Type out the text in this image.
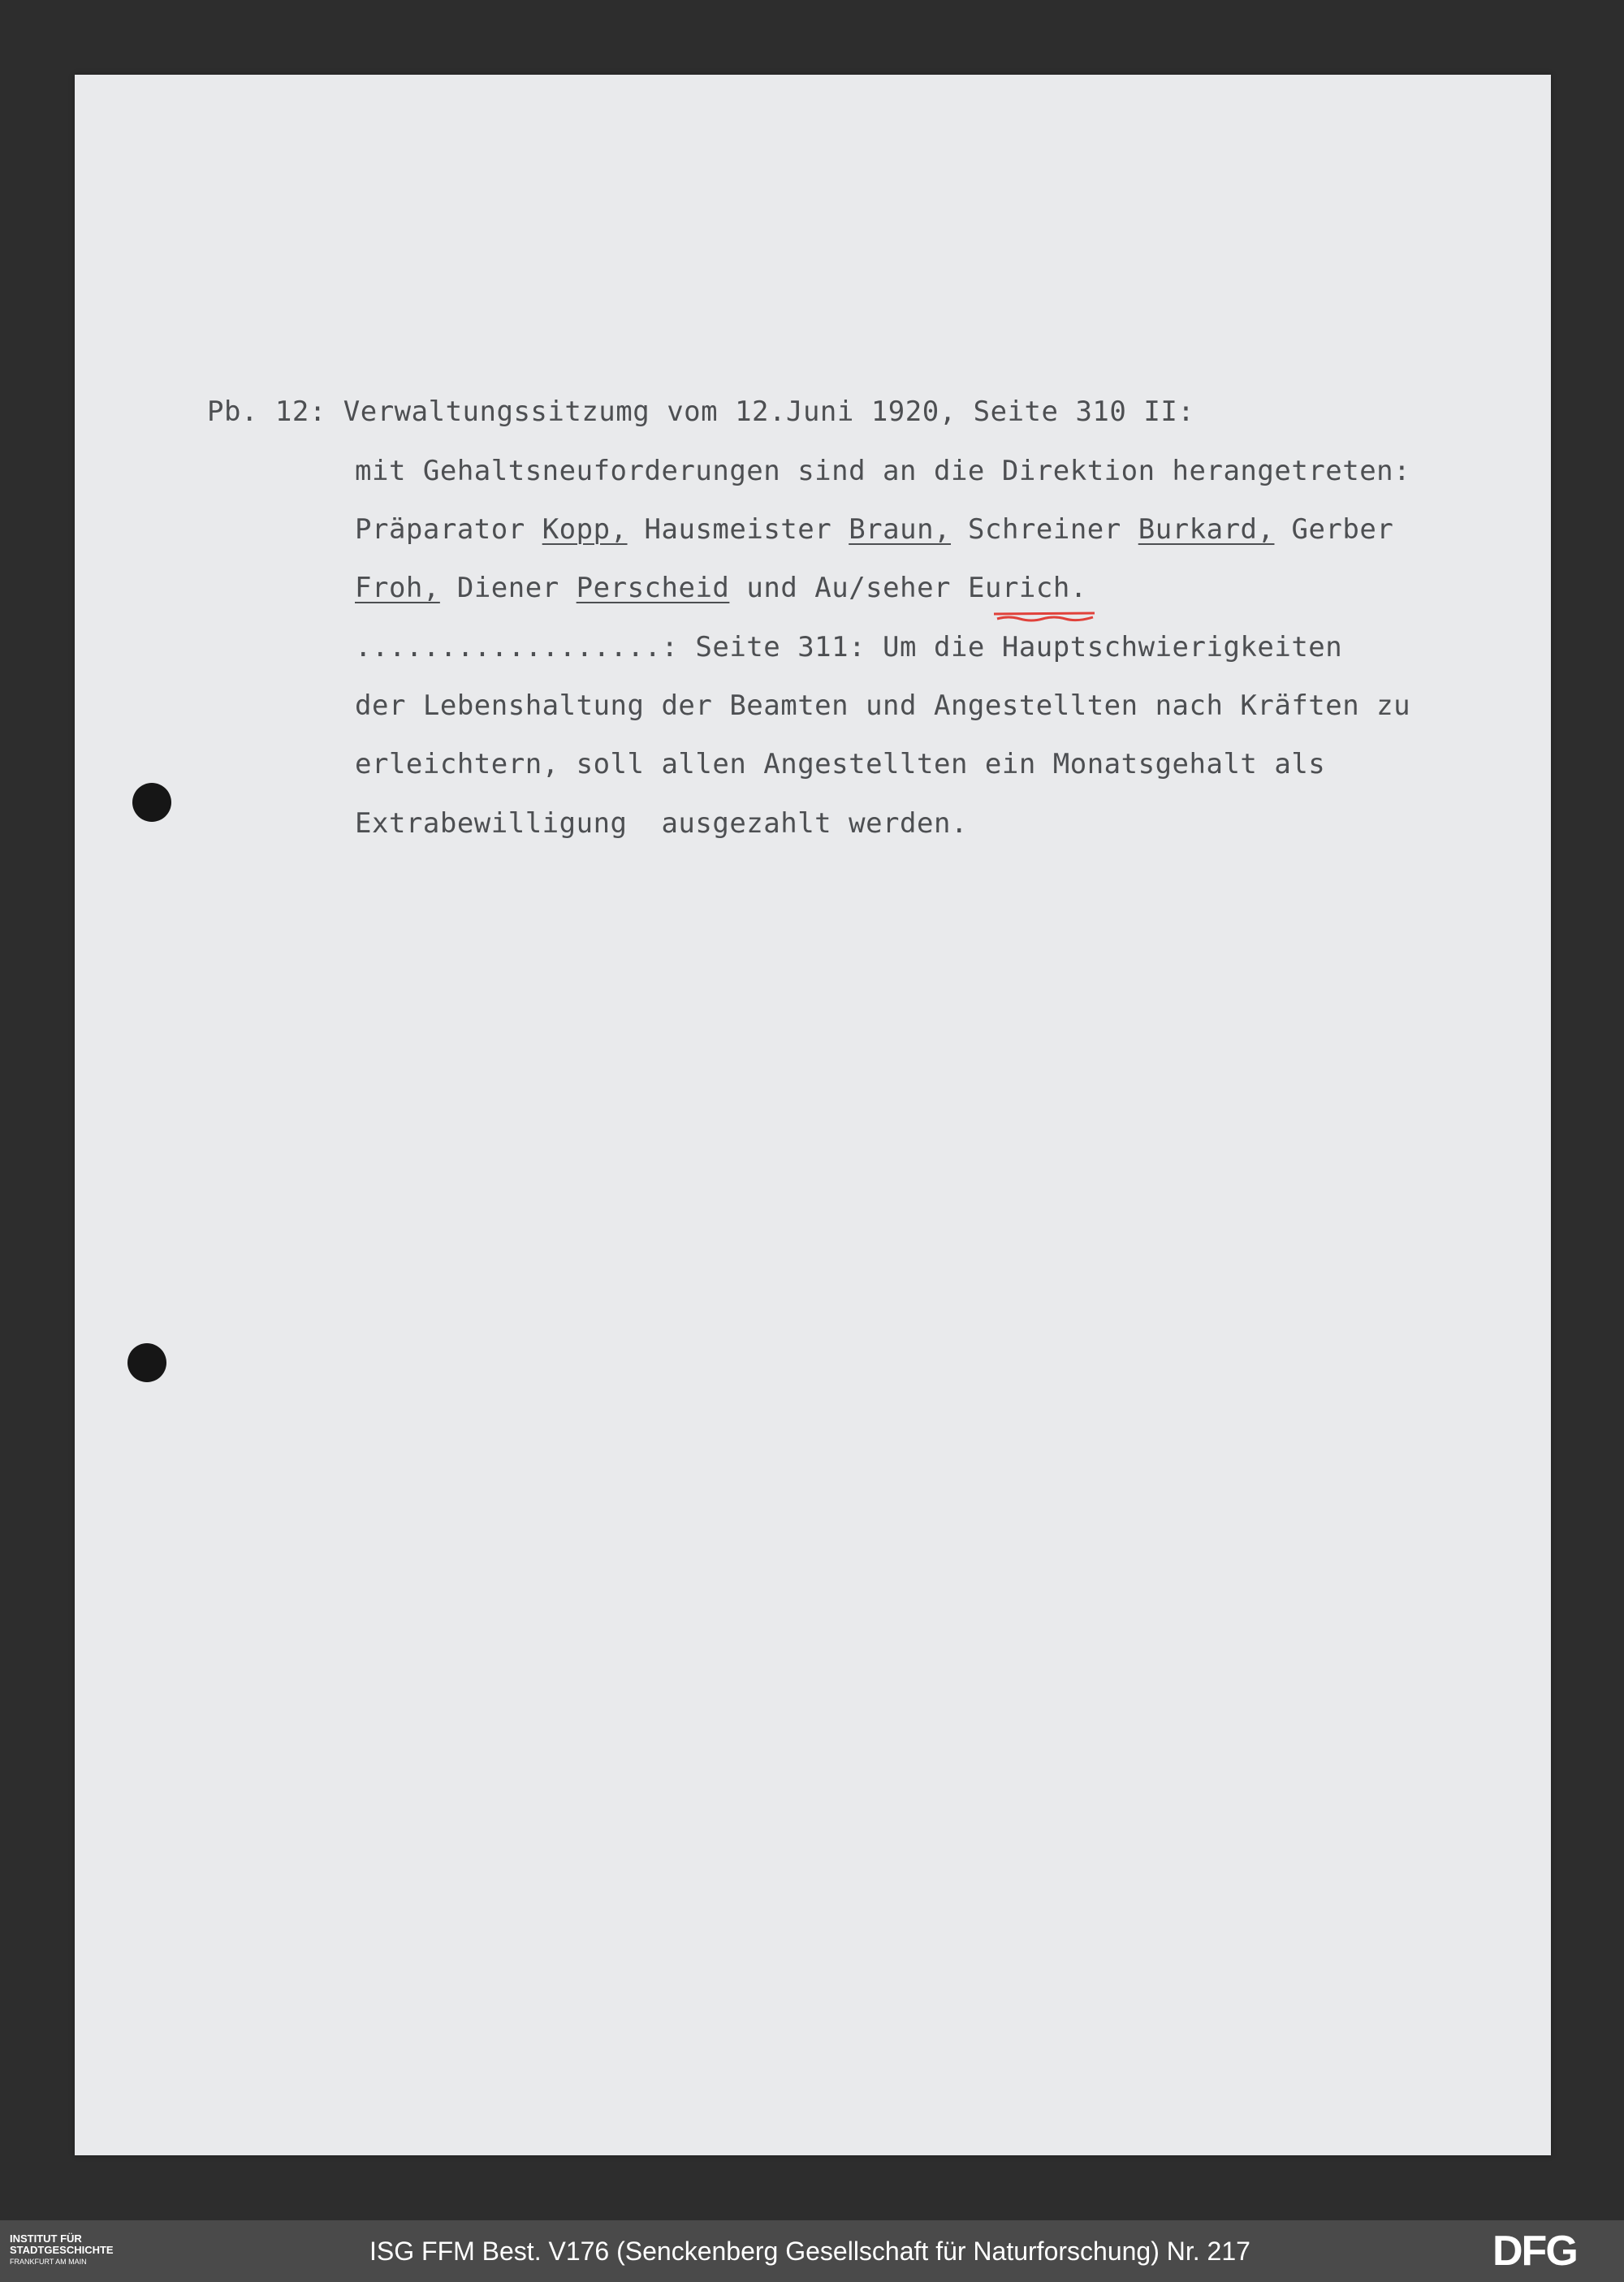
Pb. 12: Verwaltungssitzumg vom 12.Juni 1920, Seite 310 II:
mit Gehaltsneuforderungen sind an die Direktion herangetreten:
Präparator Kopp, Hausmeister Braun, Schreiner Burkard, Gerber
Froh, Diener Perscheid und Au/seher Eurich.
..................: Seite 311: Um die Hauptschwierigkeiten
der Lebenshaltung der Beamten und Angestellten nach Kräften zu
erleichtern, soll allen Angestellten ein Monatsgehalt als
Extrabewilligung  ausgezahlt werden.
INSTITUT FÜR
STADTGESCHICHTE
FRANKFURT AM MAIN	ISG FFM Best. V176 (Senckenberg Gesellschaft für Naturforschung) Nr. 217	DFG
